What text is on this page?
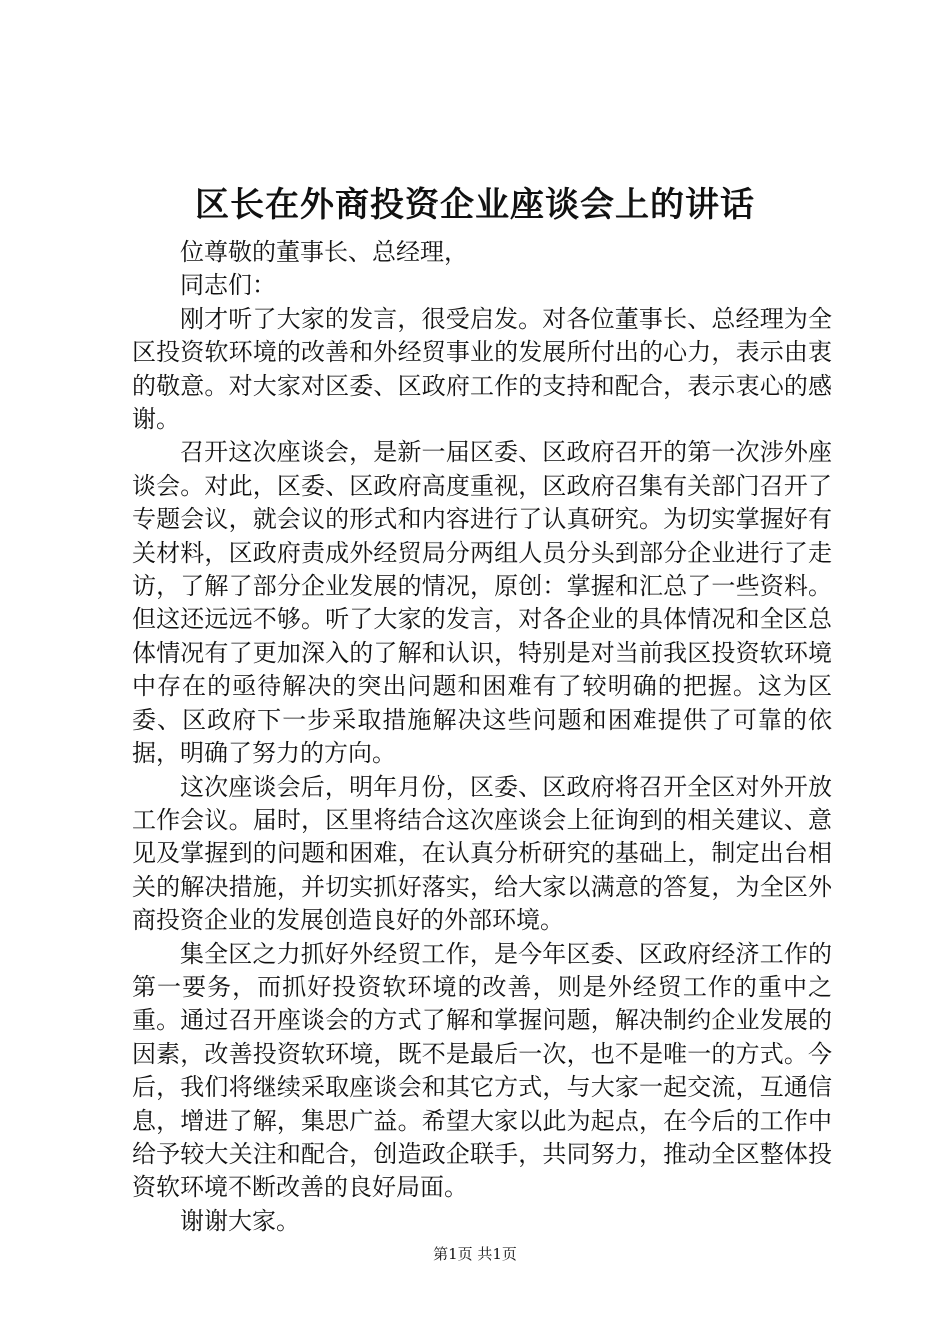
区长在外商投资企业座谈会上的讲话

位尊敬的董事长、总经理，

同志们：

刚才听了大家的发言，很受启发。对各位董事长、总经理为全区投资软环境的改善和外经贸事业的发展所付出的心力，表示由衷的敬意。对大家对区委、区政府工作的支持和配合，表示衷心的感谢。

召开这次座谈会，是新一届区委、区政府召开的第一次涉外座谈会。对此，区委、区政府高度重视，区政府召集有关部门召开了专题会议，就会议的形式和内容进行了认真研究。为切实掌握好有关材料，区政府责成外经贸局分两组人员分头到部分企业进行了走访，了解了部分企业发展的情况，原创：掌握和汇总了一些资料。但这还远远不够。听了大家的发言，对各企业的具体情况和全区总体情况有了更加深入的了解和认识，特别是对当前我区投资软环境中存在的亟待解决的突出问题和困难有了较明确的把握。这为区委、区政府下一步采取措施解决这些问题和困难提供了可靠的依据，明确了努力的方向。

这次座谈会后，明年月份，区委、区政府将召开全区对外开放工作会议。届时，区里将结合这次座谈会上征询到的相关建议、意见及掌握到的问题和困难，在认真分析研究的基础上，制定出台相关的解决措施，并切实抓好落实，给大家以满意的答复，为全区外商投资企业的发展创造良好的外部环境。

集全区之力抓好外经贸工作，是今年区委、区政府经济工作的第一要务，而抓好投资软环境的改善，则是外经贸工作的重中之重。通过召开座谈会的方式了解和掌握问题，解决制约企业发展的因素，改善投资软环境，既不是最后一次，也不是唯一的方式。今后，我们将继续采取座谈会和其它方式，与大家一起交流，互通信息，增进了解，集思广益。希望大家以此为起点，在今后的工作中给予较大关注和配合，创造政企联手，共同努力，推动全区整体投资软环境不断改善的良好局面。

谢谢大家。

第1页 共1页
